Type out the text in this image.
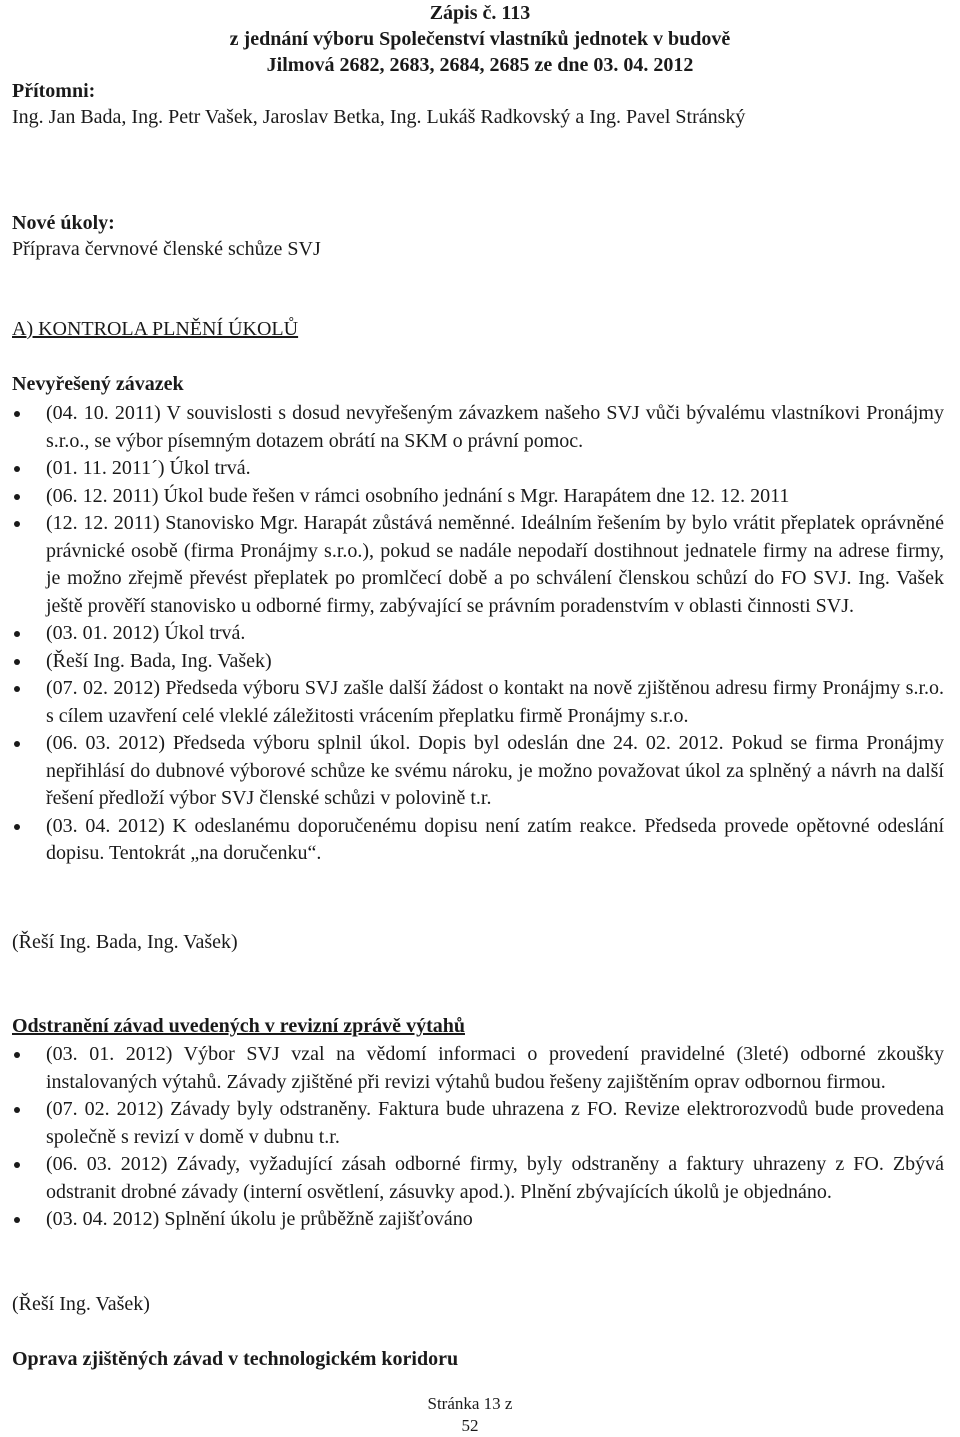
Zápis č. 113
z jednání výboru Společenství vlastníků jednotek v budově
Jilmová 2682, 2683, 2684, 2685 ze dne 03. 04. 2012
Přítomni:
Ing. Jan Bada, Ing. Petr Vašek, Jaroslav Betka, Ing. Lukáš Radkovský a Ing. Pavel Stránský
Nové úkoly:
Příprava červnové členské schůze SVJ
A) KONTROLA PLNĚNÍ ÚKOLŮ
Nevyřešený závazek
(04. 10. 2011) V souvislosti s dosud nevyřešeným závazkem našeho SVJ vůči bývalému vlastníkovi Pronájmy s.r.o., se výbor písemným dotazem obrátí na SKM o právní pomoc.
(01. 11. 2011´) Úkol trvá.
(06. 12. 2011) Úkol bude řešen v rámci osobního jednání s Mgr. Harapátem dne 12. 12. 2011
(12. 12. 2011) Stanovisko Mgr. Harapát zůstává neměnné. Ideálním řešením by bylo vrátit přeplatek oprávněné právnické osobě (firma Pronájmy s.r.o.), pokud se nadále nepodaří dostihnout jednatele firmy na adrese firmy, je možno zřejmě převést přeplatek po promlčecí době a po schválení členskou schůzí do FO SVJ. Ing. Vašek ještě prověří stanovisko u odborné firmy, zabývající se právním poradenstvím v oblasti činnosti SVJ.
(03. 01. 2012) Úkol trvá.
(Řeší Ing. Bada, Ing. Vašek)
(07. 02. 2012) Předseda výboru SVJ zašle další žádost o kontakt na nově zjištěnou adresu firmy Pronájmy s.r.o. s cílem uzavření celé vleklé záležitosti vrácením přeplatku firmě Pronájmy s.r.o.
(06. 03. 2012) Předseda výboru splnil úkol. Dopis byl odeslán dne 24. 02. 2012. Pokud se firma Pronájmy nepřihlásí do dubnové výborové schůze ke svému nároku, je možno považovat úkol za splněný a návrh na další řešení předloží výbor SVJ členské schůzi v polovině t.r.
(03. 04. 2012) K odeslanému doporučenému dopisu není zatím reakce. Předseda provede opětovné odeslání dopisu. Tentokrát „na doručenku“.
(Řeší Ing. Bada, Ing. Vašek)
Odstranění závad uvedených v revizní zprávě výtahů
(03. 01. 2012) Výbor SVJ vzal na vědomí informaci o provedení pravidelné (3leté) odborné zkoušky instalovaných výtahů. Závady zjištěné při revizi výtahů budou řešeny zajištěním oprav odbornou firmou.
(07. 02. 2012) Závady byly odstraněny. Faktura bude uhrazena z FO. Revize elektrorozvodů bude provedena společně s revizí v domě v dubnu t.r.
(06. 03. 2012) Závady, vyžadující zásah odborné firmy, byly odstraněny a faktury uhrazeny z FO. Zbývá odstranit drobné závady (interní osvětlení, zásuvky apod.). Plnění zbývajících úkolů je objednáno.
(03. 04. 2012) Splnění úkolu je průběžně zajišťováno
(Řeší Ing. Vašek)
Oprava zjištěných závad v technologickém koridoru
Stránka 13 z
52
